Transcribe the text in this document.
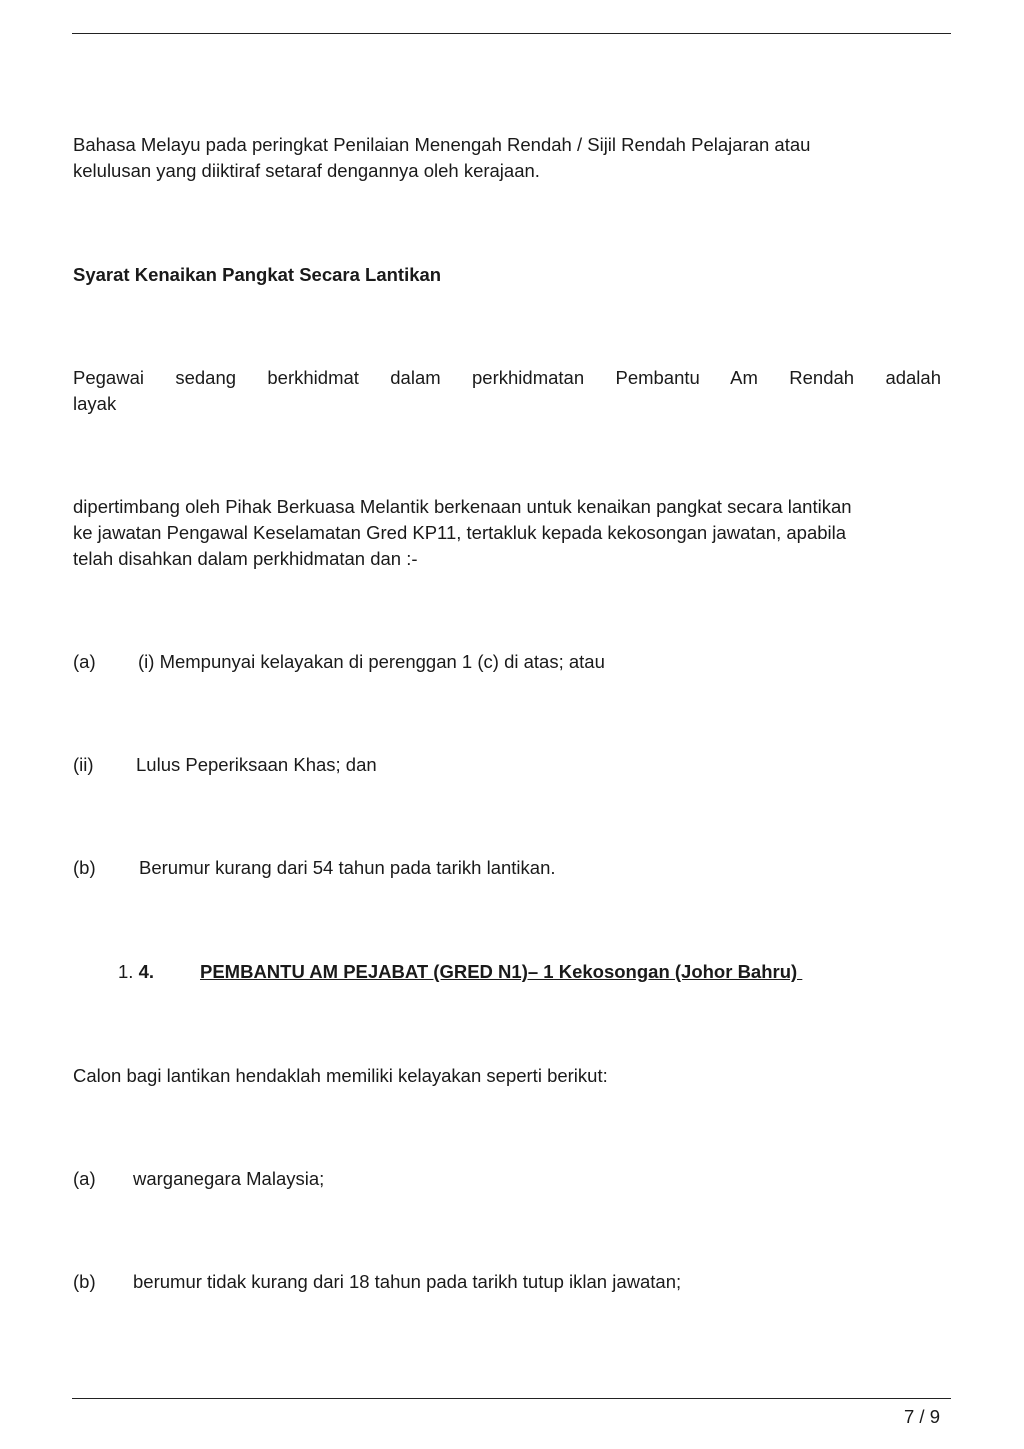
Bahasa Melayu pada peringkat Penilaian Menengah Rendah / Sijil Rendah Pelajaran atau

kelulusan yang diiktiraf setaraf dengannya oleh kerajaan.

Syarat Kenaikan Pangkat Secara Lantikan

Pegawai sedang berkhidmat dalam perkhidmatan Pembantu Am Rendah adalah

layak

dipertimbang oleh Pihak Berkuasa Melantik berkenaan untuk kenaikan pangkat secara lantikan

ke jawatan Pengawal Keselamatan Gred KP11, tertakluk kepada kekosongan jawatan, apabila

telah disahkan dalam perkhidmatan dan :-

(a) (i) Mempunyai kelayakan di perenggan 1 (c) di atas; atau
(ii) Lulus Peperiksaan Khas; dan
(b) Berumur kurang dari 54 tahun pada tarikh lantikan.
1. 4. PEMBANTU AM PEJABAT (GRED N1)– 1 Kekosongan (Johor Bahru)

Calon bagi lantikan hendaklah memiliki kelayakan seperti berikut:

(a) warganegara Malaysia;
(b) berumur tidak kurang dari 18 tahun pada tarikh tutup iklan jawatan;
7 / 9
